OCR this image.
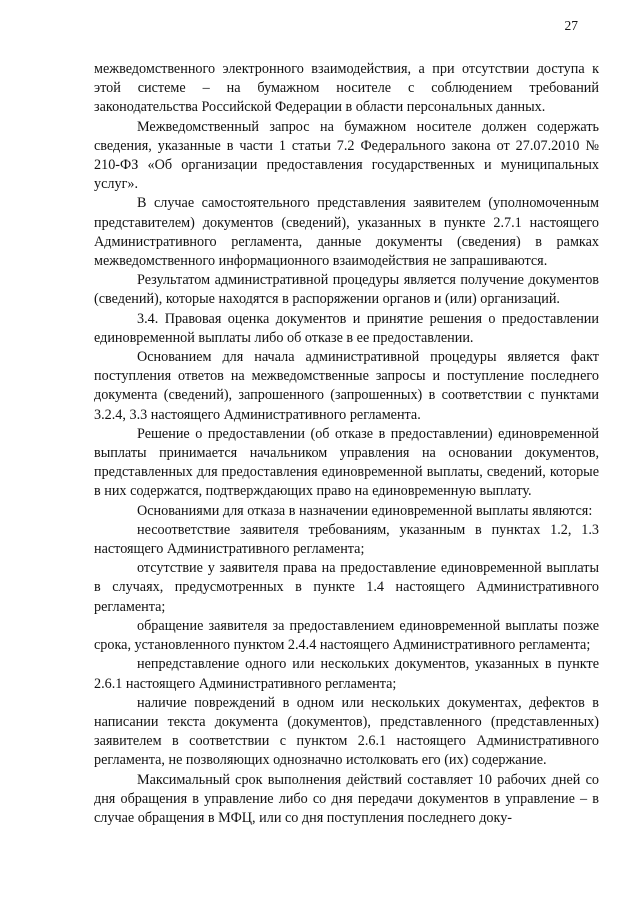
27

межведомственного электронного взаимодействия, а при отсутствии доступа к этой системе – на бумажном носителе с соблюдением требований законодательства Российской Федерации в области персональных данных.

Межведомственный запрос на бумажном носителе должен содержать сведения, указанные в части 1 статьи 7.2 Федерального закона от 27.07.2010 № 210-ФЗ «Об организации предоставления государственных и муниципальных услуг».

В случае самостоятельного представления заявителем (уполномоченным представителем) документов (сведений), указанных в пункте 2.7.1 настоящего Административного регламента, данные документы (сведения) в рамках межведомственного информационного взаимодействия не запрашиваются.

Результатом административной процедуры является получение документов (сведений), которые находятся в распоряжении органов и (или) организаций.

3.4. Правовая оценка документов и принятие решения о предоставлении единовременной выплаты либо об отказе в ее предоставлении.

Основанием для начала административной процедуры является факт поступления ответов на межведомственные запросы и поступление последнего документа (сведений), запрошенного (запрошенных) в соответствии с пунктами 3.2.4, 3.3 настоящего Административного регламента.

Решение о предоставлении (об отказе в предоставлении) единовременной выплаты принимается начальником управления на основании документов, представленных для предоставления единовременной выплаты, сведений, которые в них содержатся, подтверждающих право на единовременную выплату.

Основаниями для отказа в назначении единовременной выплаты являются:

несоответствие заявителя требованиям, указанным в пунктах 1.2, 1.3 настоящего Административного регламента;

отсутствие у заявителя права на предоставление единовременной выплаты в случаях, предусмотренных в пункте 1.4 настоящего Административного регламента;

обращение заявителя за предоставлением единовременной выплаты позже срока, установленного пунктом 2.4.4 настоящего Административного регламента;

непредставление одного или нескольких документов, указанных в пункте 2.6.1 настоящего Административного регламента;

наличие повреждений в одном или нескольких документах, дефектов в написании текста документа (документов), представленного (представленных) заявителем в соответствии с пунктом 2.6.1 настоящего Административного регламента, не позволяющих однозначно истолковать его (их) содержание.

Максимальный срок выполнения действий составляет 10 рабочих дней со дня обращения в управление либо со дня передачи документов в управление – в случае обращения в МФЦ, или со дня поступления последнего доку-
